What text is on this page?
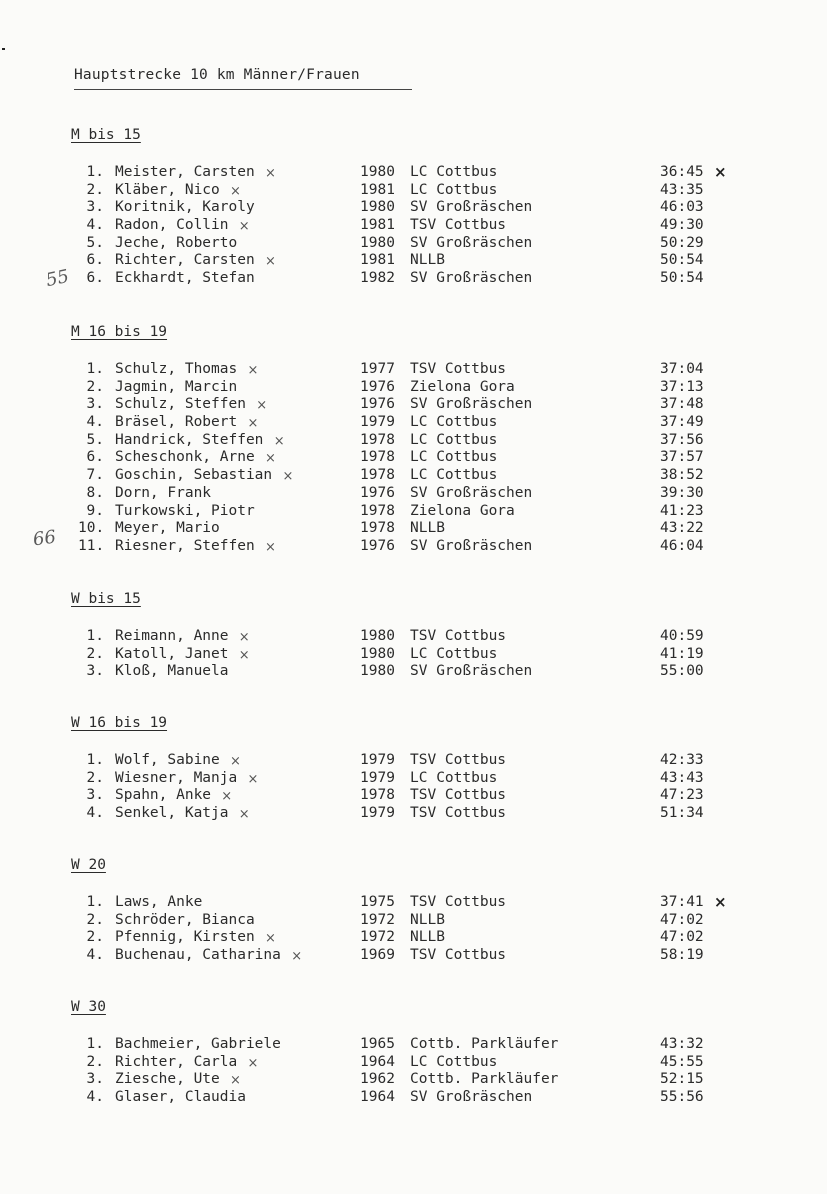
Hauptstrecke 10 km Männer/Frauen
M bis 15
1. Meister, Carsten	1980 LC Cottbus	36:45
×	×
2. Kläber, Nico	1981 LC Cottbus	43:35
×
3. Koritnik, Karoly	1980 SV Großräschen	46:03
4. Radon, Collin	1981 TSV Cottbus	49:30
×
5. Jeche, Roberto	1980 SV Großräschen	50:29
6. Richter, Carsten	1981 NLLB	50:54
×
6. Eckhardt, Stefan	1982 SV Großräschen	50:54
M 16 bis 19
1. Schulz, Thomas	1977 TSV Cottbus	37:04
×
2. Jagmin, Marcin	1976 Zielona Gora	37:13
3. Schulz, Steffen	1976 SV Großräschen	37:48
×
4. Bräsel, Robert	1979 LC Cottbus	37:49
×
5. Handrick, Steffen	1978 LC Cottbus	37:56
×
6. Scheschonk, Arne	1978 LC Cottbus	37:57
×
7. Goschin, Sebastian	1978 LC Cottbus	38:52
×
8. Dorn, Frank	1976 SV Großräschen	39:30
9. Turkowski, Piotr	1978 Zielona Gora	41:23
10. Meyer, Mario	1978 NLLB	43:22
11. Riesner, Steffen	1976 SV Großräschen	46:04
×
W bis 15
1. Reimann, Anne	1980 TSV Cottbus	40:59
×
2. Katoll, Janet	1980 LC Cottbus	41:19
×
3. Kloß, Manuela	1980 SV Großräschen	55:00
W 16 bis 19
1. Wolf, Sabine	1979 TSV Cottbus	42:33
×
2. Wiesner, Manja	1979 LC Cottbus	43:43
×
3. Spahn, Anke	1978 TSV Cottbus	47:23
×
4. Senkel, Katja	1979 TSV Cottbus	51:34
×
W 20
1. Laws, Anke	1975 TSV Cottbus	37:41 ×
2. Schröder, Bianca	1972 NLLB	47:02
2. Pfennig, Kirsten	1972 NLLB	47:02
×
4. Buchenau, Catharina	1969 TSV Cottbus	58:19
×
W 30
1. Bachmeier, Gabriele	1965 Cottb. Parkläufer	43:32
2. Richter, Carla	1964 LC Cottbus	45:55
×
3. Ziesche, Ute	1962 Cottb. Parkläufer	52:15
×
4. Glaser, Claudia	1964 SV Großräschen	55:56
55
66
